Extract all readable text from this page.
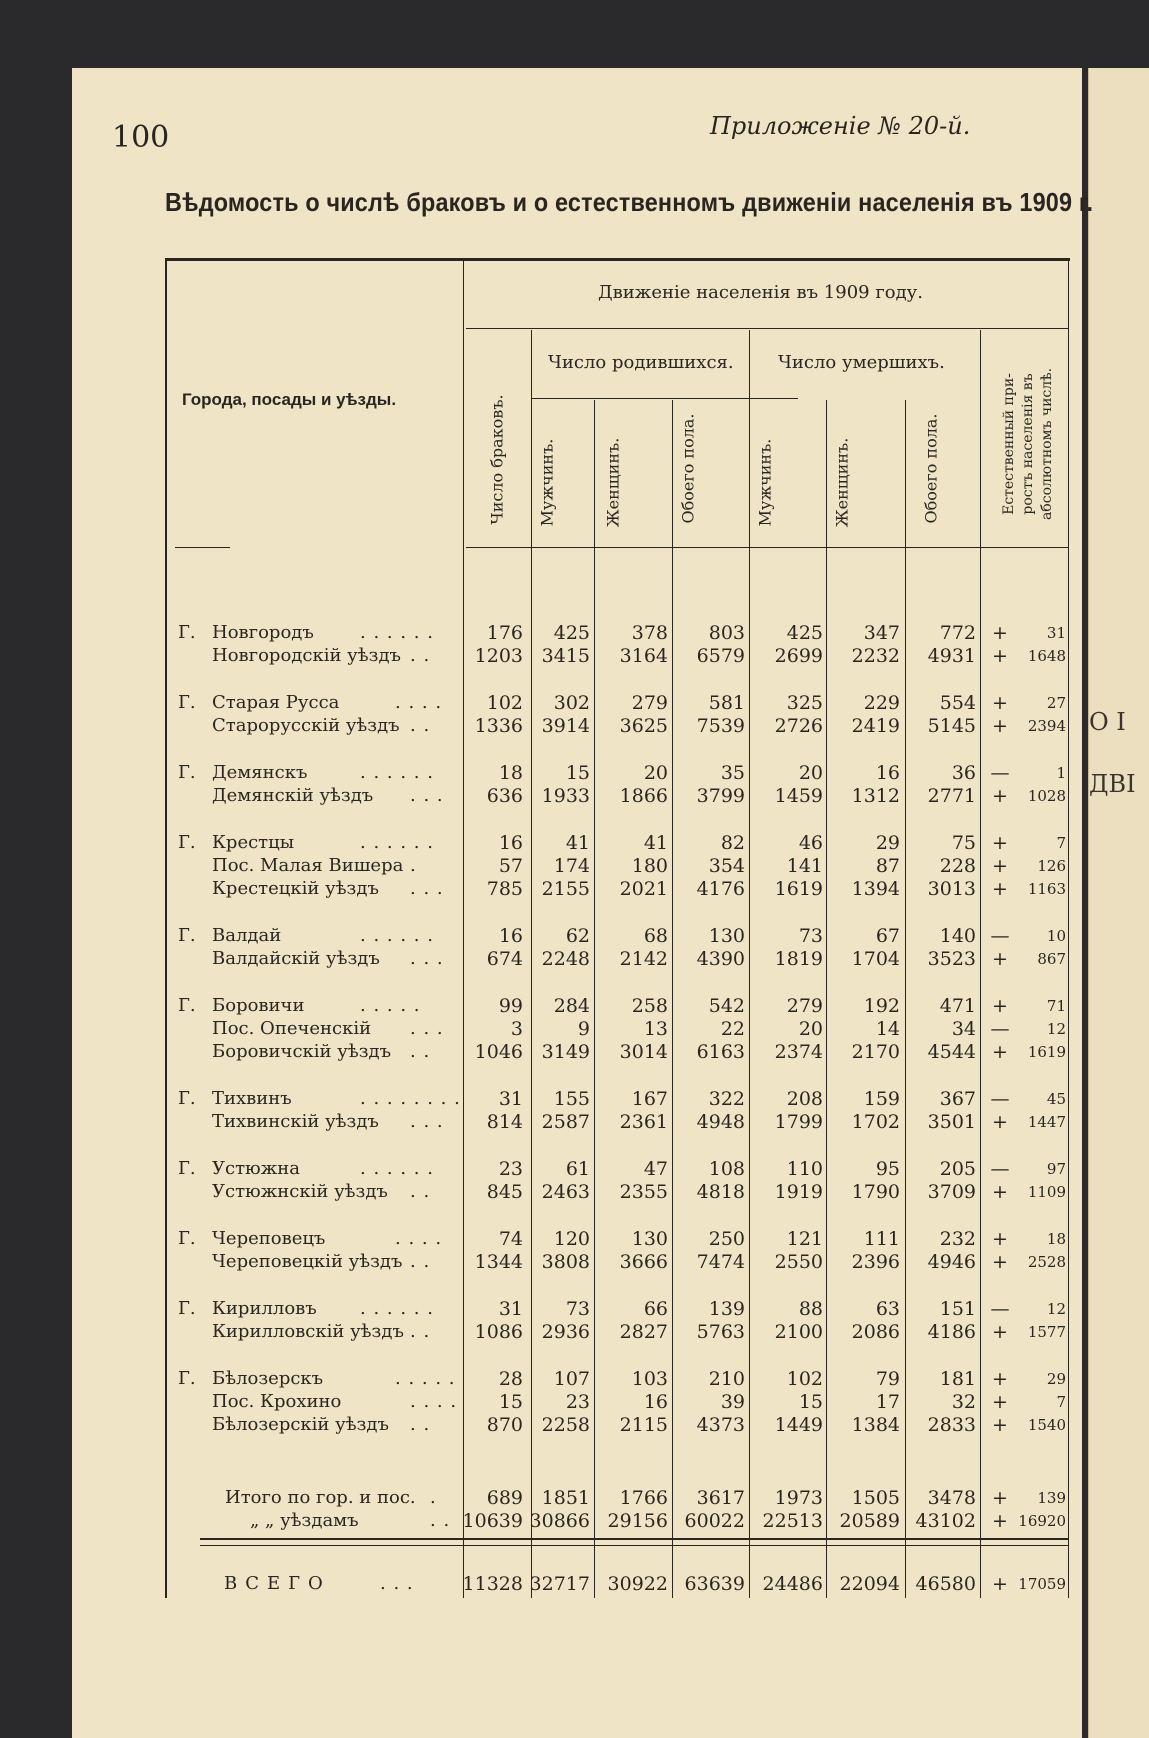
О I
ДВI
100	Приложеніе № 20-й.
Вѣдомость о числѣ браковъ и о естественномъ движеніи населенія въ 1909 г.
Города, посады и уѣзды.
Движеніе населенія въ 1909 году.
Число родившихся. Число умершихъ.
Число браковъ. Мужчинъ.	Женщинъ.	Обоего пола.	Мужчинъ.	Женщинъ.	Обоего пола.	Естественный при- ростъ населенія въ абсолютномъ числѣ.
Г. Новгородъ	. . . . . .	176 425 378 803 425 347 772 +	31
Новгородскій уѣздъ . . 1203 3415 3164 6579 2699 2232 4931 + 1648
Г. Старая Русса	. . . . 102 302 279 581 325 229 554 +	27
Старорусскій уѣздъ . . 1336 3914 3625 7539 2726 2419 5145 + 2394
Г. Демянскъ	. . . . . .	18 15	20	35	20	16	36 —	1
Демянскій уѣздъ . . . 636 1933 1866 3799 1459 1312 2771 + 1028
Г. Крестцы	. . . . . .	16 41	41	82	46	29	75 +	7
Пос. Малая Вишера .	57 174 180 354 141	87 228 + 126
Крестецкій уѣздъ . . . 785 2155 2021 4176 1619 1394 3013 + 1163
Г. Валдай	. . . . . .	16 62	68 130	73	67 140 — 10
Валдайскій уѣздъ . . . 674 2248 2142 4390 1819 1704 3523 + 867
Г. Боровичи	. . . . .	99 284 258 542 279 192 471 +	71
Пос. Опеченскій . . .	3	9	13	22	20	14	34 — 12
Боровичскій уѣздъ . . 1046 3149 3014 6163 2374 2170 4544 + 1619
Г. Тихвинъ	. . . . . . . . 31 155 167 322 208 159 367 — 45
Тихвинскій уѣздъ . . . 814 2587 2361 4948 1799 1702 3501 + 1447
Г. Устюжна	. . . . . .	23 61	47 108 110	95 205 — 97
Устюжнскій уѣздъ . .	845 2463 2355 4818 1919 1790 3709 + 1109
Г. Череповецъ	. . . .	74 120 130 250 121 111 232 +	18
Череповецкій уѣздъ . . 1344 3808 3666 7474 2550 2396 4946 + 2528
Г. Кирилловъ . . . . . .	31 73	66 139	88	63 151 — 12
Кирилловскій уѣздъ . . 1086 2936 2827 5763 2100 2086 4186 + 1577
Г. Бѣлозерскъ	. . . . . 28 107 103 210 102	79 181 +	29
Пос. Крохино	. . . . 15 23	16	39	15	17	32 +	7
Бѣлозерскій уѣздъ . .	870 2258 2115 4373 1449 1384 2833 + 1540
Итого по гор. и пос. .	689 1851 1766 3617 1973 1505 3478 + 139
„ „ уѣздамъ	. . 10639 30866 29156 60022 22513 20589 43102 + 16920
ВСЕГО	. . .	11328 32717 30922 63639 24486 22094 46580 + 17059
